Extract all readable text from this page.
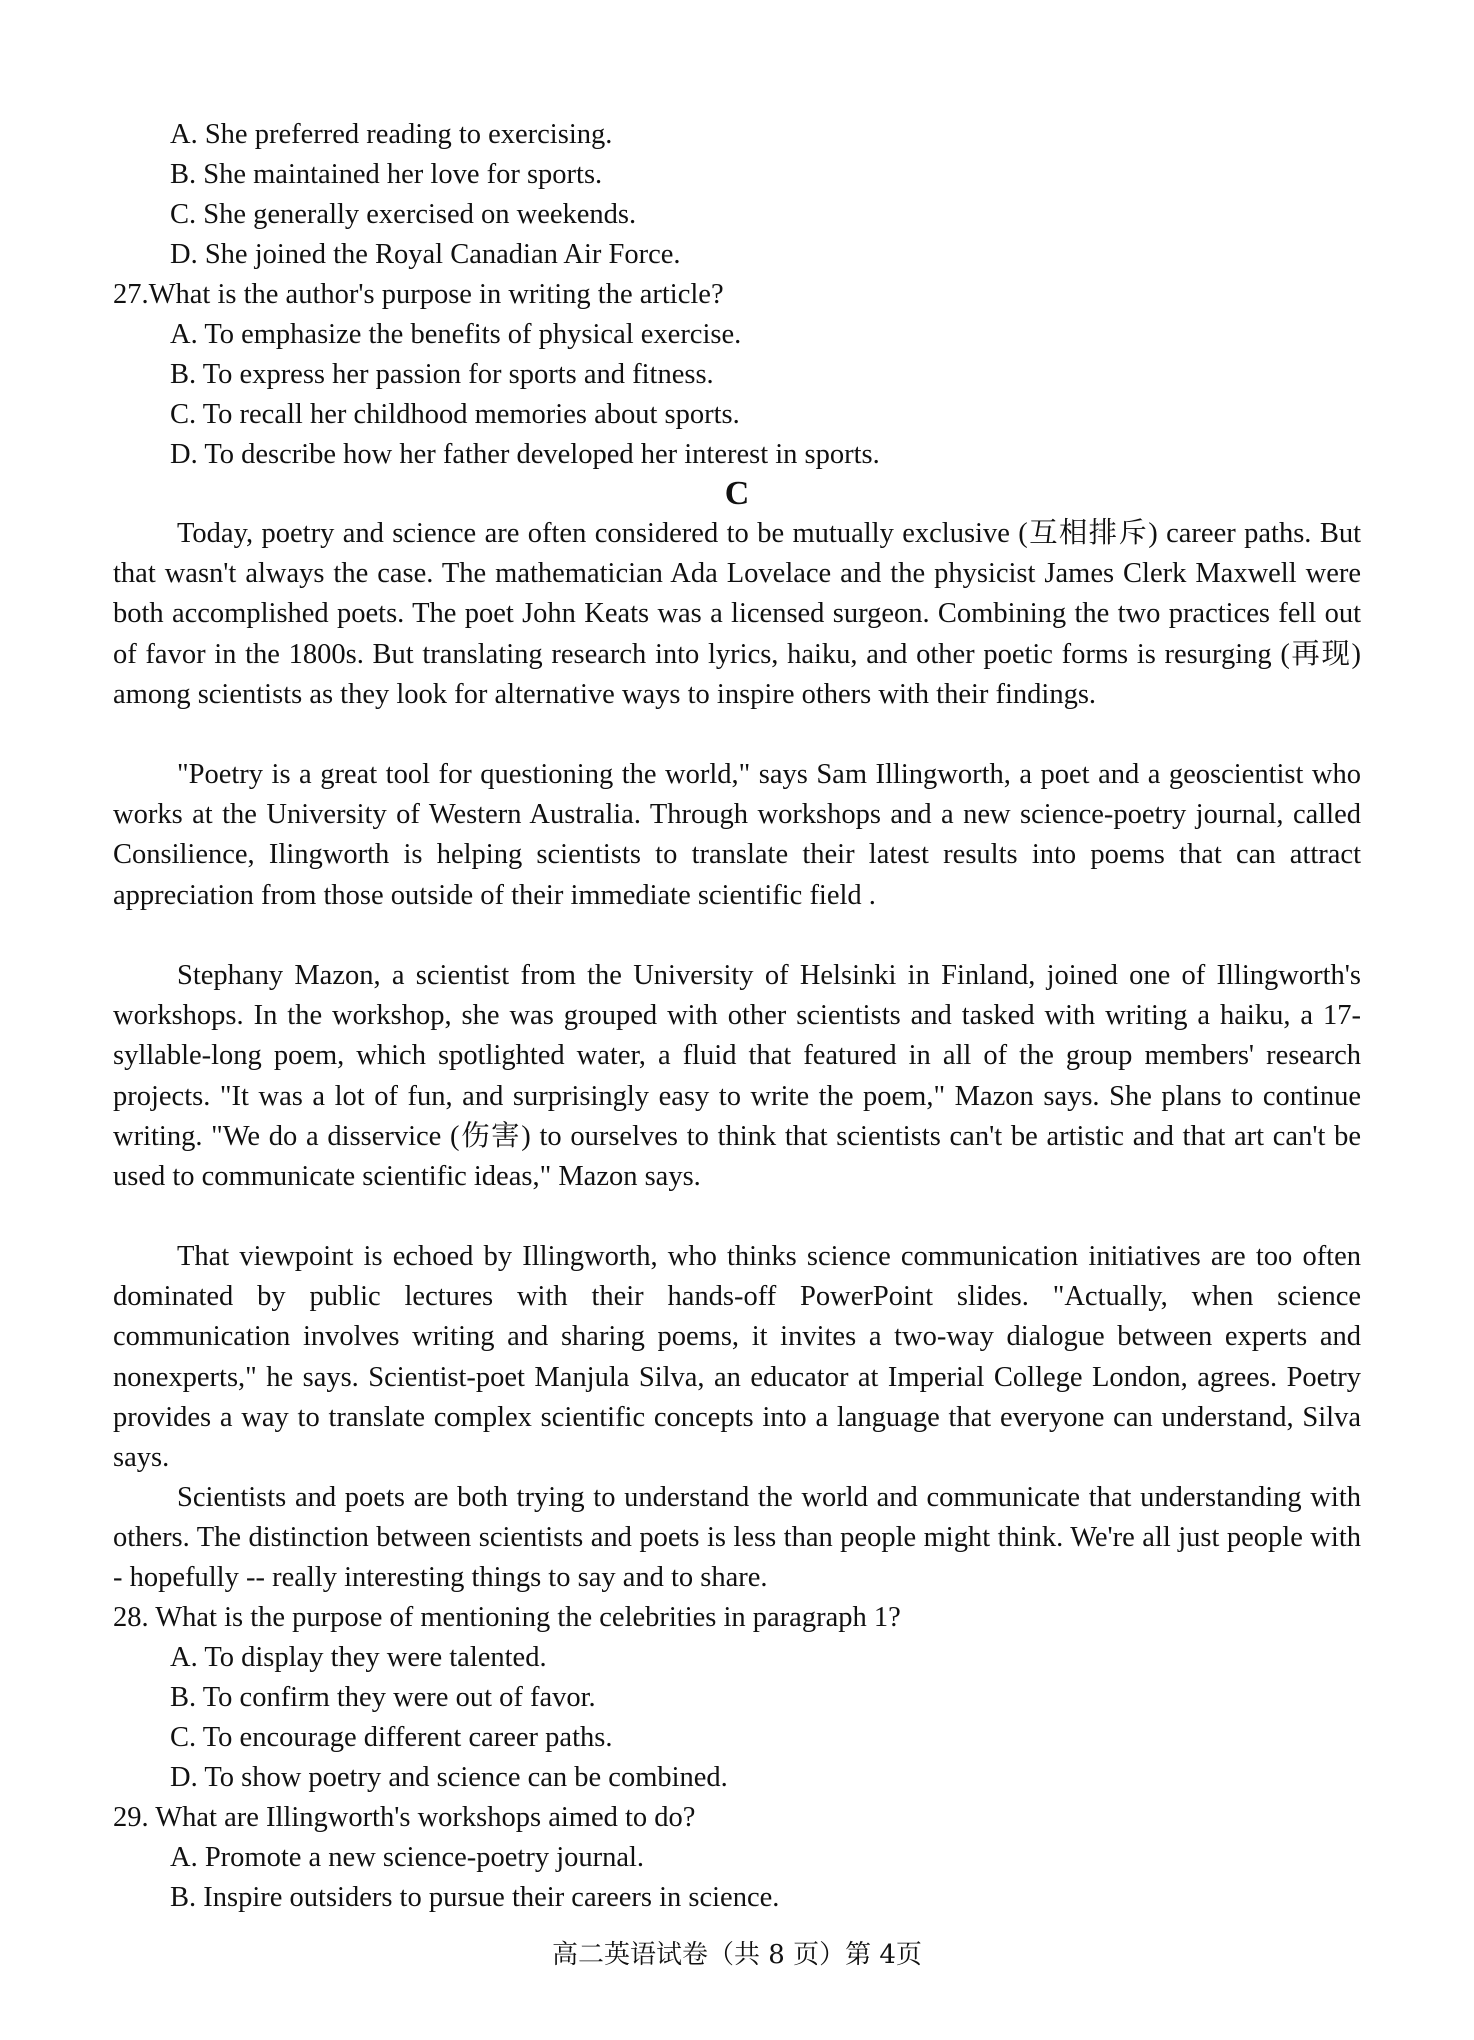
A. She preferred reading to exercising.
B. She maintained her love for sports.
C. She generally exercised on weekends.
D. She joined the Royal Canadian Air Force.
27.What is the author's purpose in writing the article?
A. To emphasize the benefits of physical exercise.
B. To express her passion for sports and fitness.
C. To recall her childhood memories about sports.
D. To describe how her father developed her interest in sports.
C

Today, poetry and science are often considered to be mutually exclusive (互相排斥) career paths. But that wasn't always the case. The mathematician Ada Lovelace and the physicist James Clerk Maxwell were both accomplished poets. The poet John Keats was a licensed surgeon. Combining the two practices fell out of favor in the 1800s. But translating research into lyrics, haiku, and other poetic forms is resurging (再现) among scientists as they look for alternative ways to inspire others with their findings.

"Poetry is a great tool for questioning the world," says Sam Illingworth, a poet and a geoscientist who works at the University of Western Australia. Through workshops and a new science-poetry journal, called Consilience, Ilingworth is helping scientists to translate their latest results into poems that can attract appreciation from those outside of their immediate scientific field .

Stephany Mazon, a scientist from the University of Helsinki in Finland, joined one of Illingworth's workshops. In the workshop, she was grouped with other scientists and tasked with writing a haiku, a 17-syllable-long poem, which spotlighted water, a fluid that featured in all of the group members' research projects. "It was a lot of fun, and surprisingly easy to write the poem," Mazon says. She plans to continue writing. "We do a disservice (伤害) to ourselves to think that scientists can't be artistic and that art can't be used to communicate scientific ideas," Mazon says.

That viewpoint is echoed by Illingworth, who thinks science communication initiatives are too often dominated by public lectures with their hands-off PowerPoint slides. "Actually, when science communication involves writing and sharing poems, it invites a two-way dialogue between experts and nonexperts," he says. Scientist-poet Manjula Silva, an educator at Imperial College London, agrees. Poetry provides a way to translate complex scientific concepts into a language that everyone can understand, Silva says.

Scientists and poets are both trying to understand the world and communicate that understanding with others. The distinction between scientists and poets is less than people might think. We're all just people with - hopefully -- really interesting things to say and to share.

28. What is the purpose of mentioning the celebrities in paragraph 1?
A. To display they were talented.
B. To confirm they were out of favor.
C. To encourage different career paths.
D. To show poetry and science can be combined.
29. What are Illingworth's workshops aimed to do?
A. Promote a new science-poetry journal.
B. Inspire outsiders to pursue their careers in science.
高二英语试卷（共 8 页）第 4页
